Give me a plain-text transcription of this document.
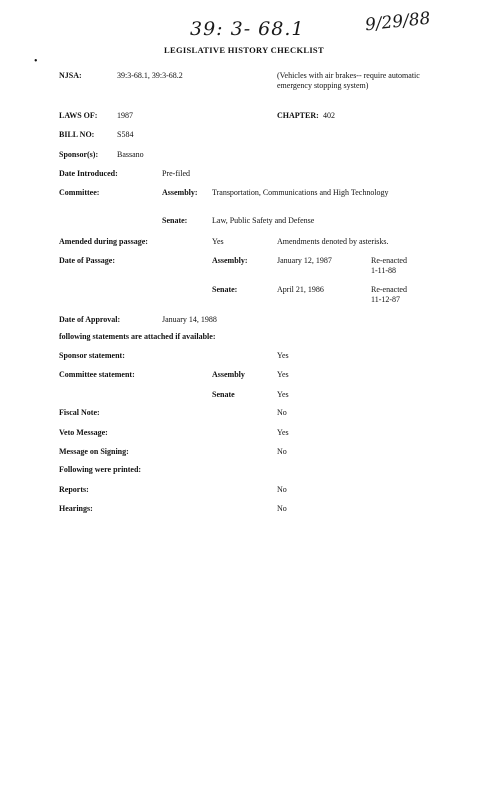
39: 3- 68.1	9/29/88
•
LEGISLATIVE HISTORY CHECKLIST
NJSA:	39:3-68.1, 39:3-68.2	(Vehicles with air brakes-- require automatic emergency stopping system)
LAWS OF: 1987	CHAPTER: 402
BILL NO:	S584
Sponsor(s): Bassano
Date Introduced:	Pre-filed
Committee:	Assembly: Transportation, Communications and High Technology
Senate:	Law, Public Safety and Defense
Amended during passage:	Yes	Amendments denoted by asterisks.
Date of Passage:	Assembly:	January 12, 1987	Re-enacted
1-11-88
Senate:	April 21, 1986	Re-enacted
11-12-87
Date of Approval:	January 14, 1988
following statements are attached if available:
Sponsor statement:	Yes
Committee statement:	Assembly	Yes
Senate	Yes
Fiscal Note:	No
Veto Message:	Yes
Message on Signing:	No
Following were printed:
Reports:	No
Hearings:	No
